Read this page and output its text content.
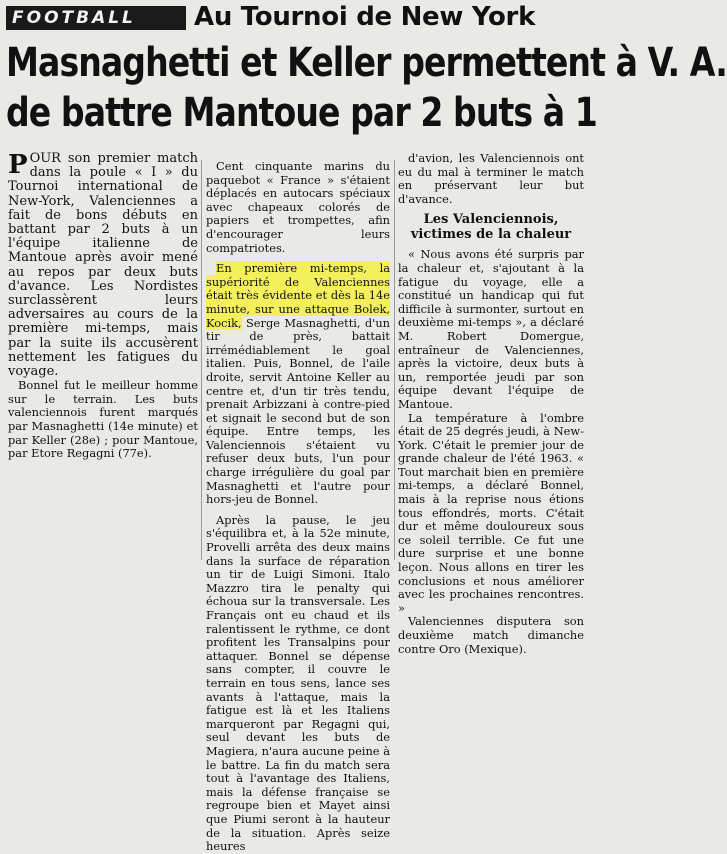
FOOTBALL	Au Tournoi de New York
Masnaghetti et Keller permettent à V. A.
de battre Mantoue par 2 buts à 1

POUR son premier match dans la poule « I » du Tournoi international de New-York, Valenciennes a fait de bons débuts en battant par 2 buts à un l'équipe italienne de Mantoue après avoir mené au repos par deux buts d'avance. Les Nordistes surclassèrent leurs adversaires au cours de la première mi-temps, mais par la suite ils accusèrent nettement les fatigues du voyage.

Bonnel fut le meilleur homme sur le terrain. Les buts valenciennois furent marqués par Masnaghetti (14e minute) et par Keller (28e) ; pour Mantoue, par Etore Regagni (77e).

Cent cinquante marins du paquebot « France » s'étaient déplacés en autocars spéciaux avec chapeaux colorés de papiers et trompettes, afin d'encourager leurs compatriotes.

En première mi-temps, la supériorité de Valenciennes était très évidente et dès la 14e minute, sur une attaque Bolek, Kocik, Serge Masnaghetti, d'un tir de près, battait irrémédiablement le goal italien. Puis, Bonnel, de l'aile droite, servit Antoine Keller au centre et, d'un tir très tendu, prenait Arbizzani à contre-pied et signait le second but de son équipe. Entre temps, les Valenciennois s'étaient vu refuser deux buts, l'un pour charge irrégulière du goal par Masnaghetti et l'autre pour hors-jeu de Bonnel.

Après la pause, le jeu s'équilibra et, à la 52e minute, Provelli arrêta des deux mains dans la surface de réparation un tir de Luigi Simoni. Italo Mazzro tira le penalty qui échoua sur la transversale. Les Français ont eu chaud et ils ralentissent le rythme, ce dont profitent les Transalpins pour attaquer. Bonnel se dépense sans compter, il couvre le terrain en tous sens, lance ses avants à l'attaque, mais la fatigue est là et les Italiens marqueront par Regagni qui, seul devant les buts de Magiera, n'aura aucune peine à le battre. La fin du match sera tout à l'avantage des Italiens, mais la défense française se regroupe bien et Mayet ainsi que Piumi seront à la hauteur de la situation. Après seize heures

d'avion, les Valenciennois ont eu du mal à terminer le match en préservant leur but d'avance.

Les Valenciennois,
victimes de la chaleur

« Nous avons été surpris par la chaleur et, s'ajoutant à la fatigue du voyage, elle a constitué un handicap qui fut difficile à surmonter, surtout en deuxième mi-temps », a déclaré M. Robert Domergue, entraîneur de Valenciennes, après la victoire, deux buts à un, remportée jeudi par son équipe devant l'équipe de Mantoue.

La température à l'ombre était de 25 degrés jeudi, à New-York. C'était le premier jour de grande chaleur de l'été 1963. « Tout marchait bien en première mi-temps, a déclaré Bonnel, mais à la reprise nous étions tous effondrés, morts. C'était dur et même douloureux sous ce soleil terrible. Ce fut une dure surprise et une bonne leçon. Nous allons en tirer les conclusions et nous améliorer avec les prochaines rencontres. »

Valenciennes disputera son deuxième match dimanche contre Oro (Mexique).
